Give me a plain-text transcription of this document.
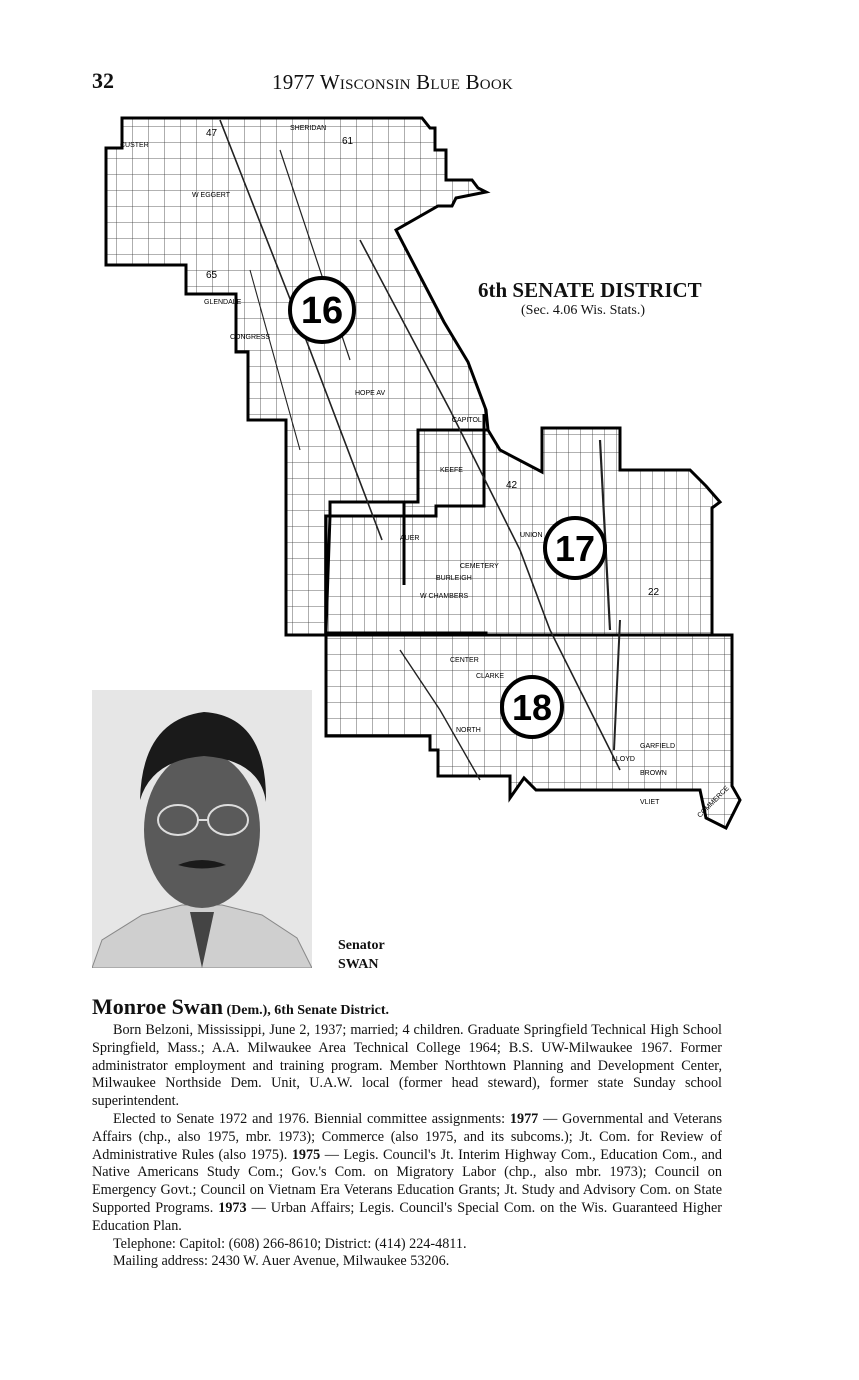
32	1977 Wisconsin Blue Book
16
17
18
SHERIDAN
CUSTER
W EGGERT
GLENDALE
CONGRESS
HOPE AV
KEEFE
UNION
CEMETERY
BURLEIGH
W CHAMBERS
CENTER
CLARKE
NORTH
GARFIELD
LLOYD
BROWN
VLIET	COMMERCE
AUER
CAPITOL
47
61
65
42
22
6th SENATE DISTRICT
(Sec. 4.06 Wis. Stats.)
Senator
SWAN
Monroe Swan (Dem.), 6th Senate District.

Born Belzoni, Mississippi, June 2, 1937; married; 4 children. Graduate Springfield Technical High School Springfield, Mass.; A.A. Milwaukee Area Technical College 1964; B.S. UW-Milwaukee 1967. Former administrator employment and training program. Member Northtown Planning and Development Center, Milwaukee Northside Dem. Unit, U.A.W. local (former head steward), former state Sunday school superintendent.

Elected to Senate 1972 and 1976. Biennial committee assignments: 1977 — Governmental and Veterans Affairs (chp., also 1975, mbr. 1973); Commerce (also 1975, and its subcoms.); Jt. Com. for Review of Administrative Rules (also 1975). 1975 — Legis. Council's Jt. Interim Highway Com., Education Com., and Native Americans Study Com.; Gov.'s Com. on Migratory Labor (chp., also mbr. 1973); Council on Emergency Govt.; Council on Vietnam Era Veterans Education Grants; Jt. Study and Advisory Com. on State Supported Programs. 1973 — Urban Affairs; Legis. Council's Special Com. on the Wis. Guaranteed Higher Education Plan.

Telephone: Capitol: (608) 266-8610; District: (414) 224-4811.

Mailing address: 2430 W. Auer Avenue, Milwaukee 53206.
